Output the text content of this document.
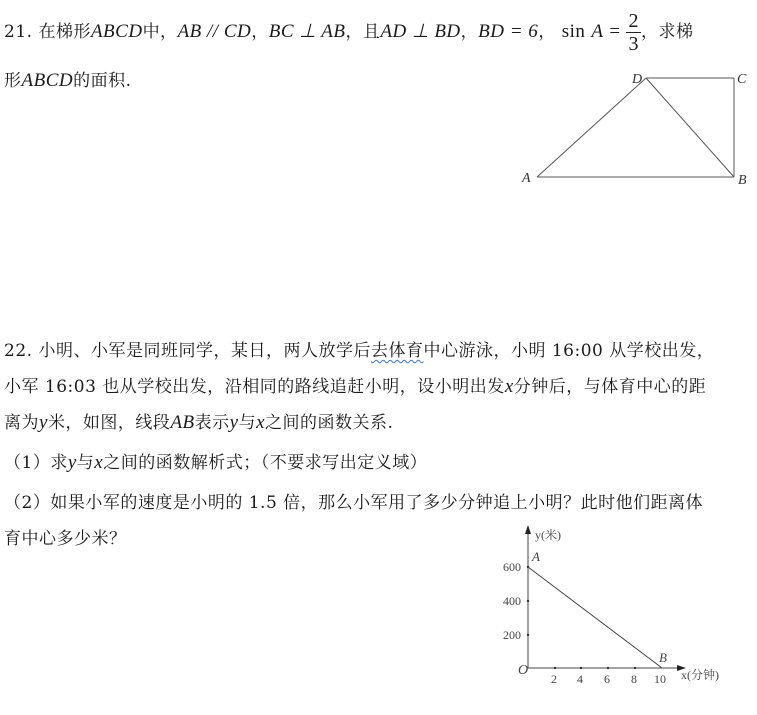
21. 在梯形ABCD中，AB // CD，BC ⊥ AB，且AD ⊥ BD，BD = 6， $\sin A = \frac{2}{3}$ ，求梯
形ABCD的面积.
A	B
C
D
22. 小明、小军是同班同学，某日，两人放学后去体育中心游泳，小明 16:00 从学校出发，
小军 16:03 也从学校出发，沿相同的路线追赶小明，设小明出发x分钟后，与体育中心的距
离为y米，如图，线段AB表示y与x之间的函数关系.
（1）求y与x之间的函数解析式；（不要求写出定义域）
（2）如果小军的速度是小明的 1.5 倍，那么小军用了多少分钟追上小明？此时他们距离体
育中心多少米？
O
2 4 6 8 10
200
400
600
A
B
y(米)
x(分钟)
